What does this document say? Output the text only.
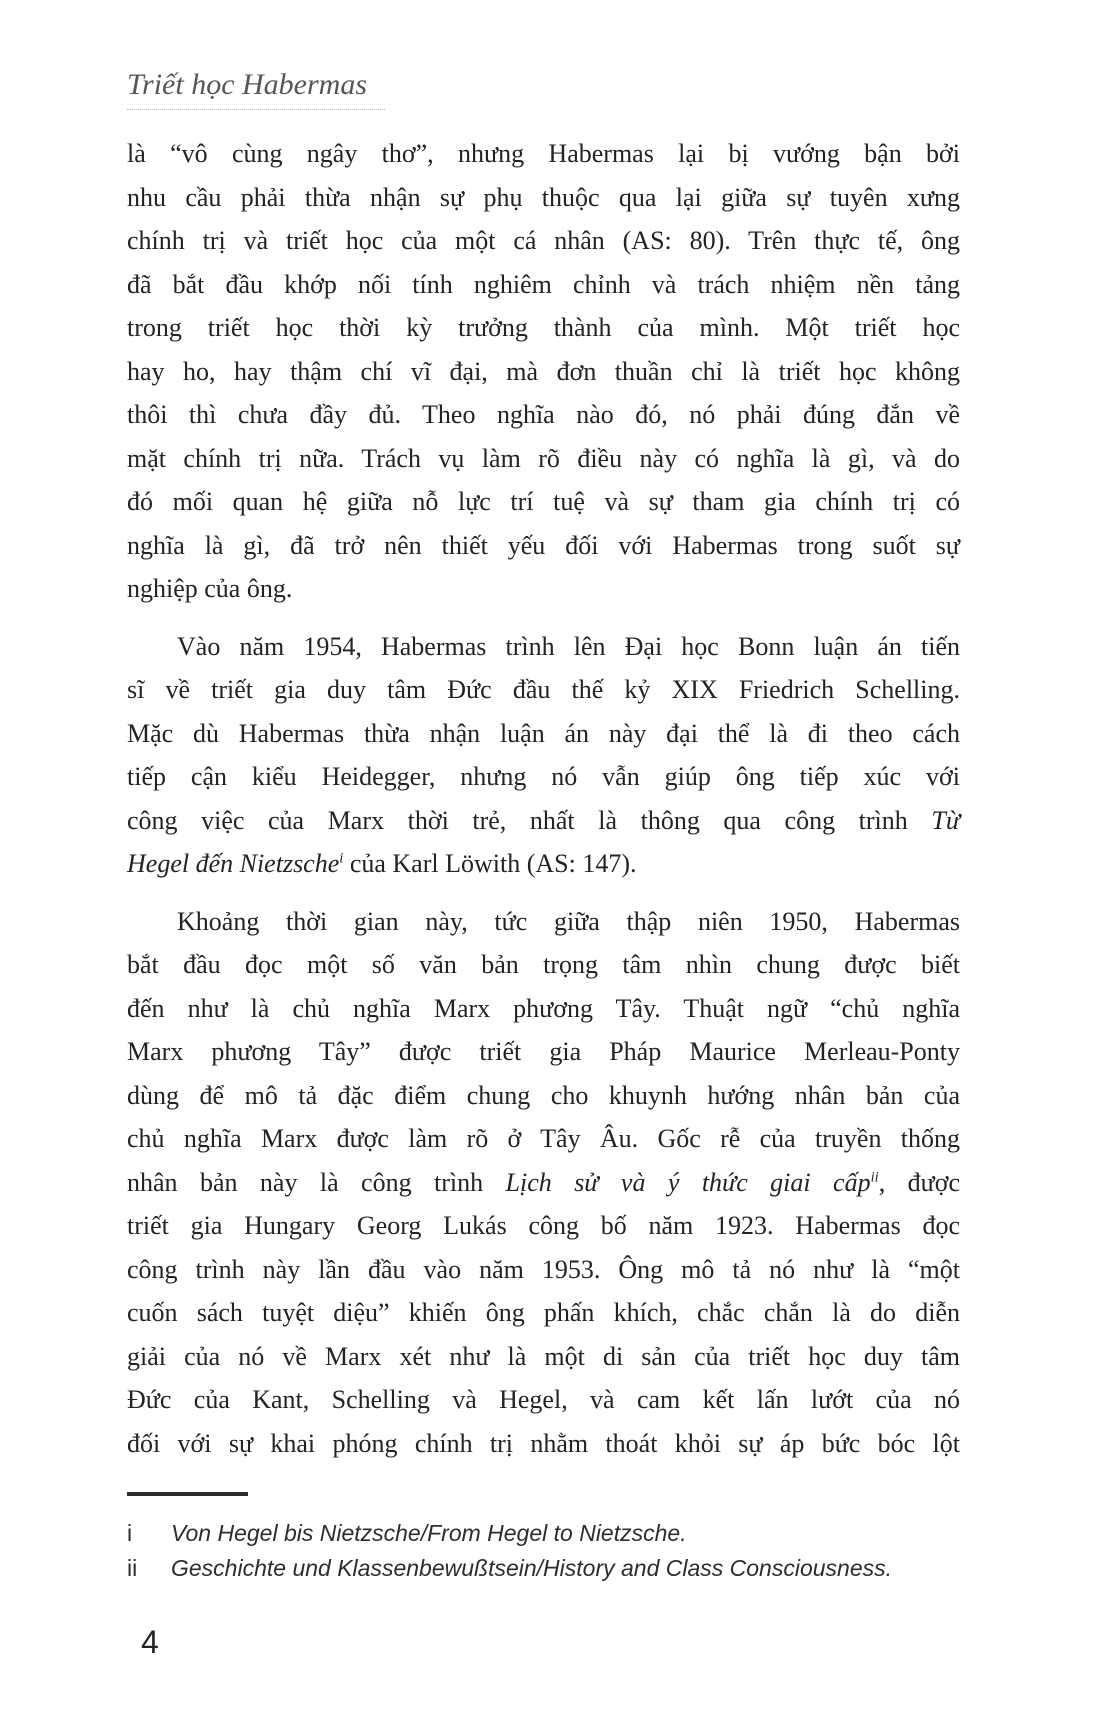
Triết học Habermas
là “vô cùng ngây thơ”, nhưng Habermas lại bị vướng bận bởi
nhu cầu phải thừa nhận sự phụ thuộc qua lại giữa sự tuyên xưng
chính trị và triết học của một cá nhân (AS: 80). Trên thực tế, ông
đã bắt đầu khớp nối tính nghiêm chỉnh và trách nhiệm nền tảng
trong triết học thời kỳ trưởng thành của mình. Một triết học
hay ho, hay thậm chí vĩ đại, mà đơn thuần chỉ là triết học không
thôi thì chưa đầy đủ. Theo nghĩa nào đó, nó phải đúng đắn về
mặt chính trị nữa. Trách vụ làm rõ điều này có nghĩa là gì, và do
đó mối quan hệ giữa nỗ lực trí tuệ và sự tham gia chính trị có
nghĩa là gì, đã trở nên thiết yếu đối với Habermas trong suốt sự
nghiệp của ông.
Vào năm 1954, Habermas trình lên Đại học Bonn luận án tiến
sĩ về triết gia duy tâm Đức đầu thế kỷ XIX Friedrich Schelling.
Mặc dù Habermas thừa nhận luận án này đại thể là đi theo cách
tiếp cận kiểu Heidegger, nhưng nó vẫn giúp ông tiếp xúc với
công việc của Marx thời trẻ, nhất là thông qua công trình Từ
Hegel đến Nietzsche$^i$ của Karl Löwith (AS: 147).
Khoảng thời gian này, tức giữa thập niên 1950, Habermas
bắt đầu đọc một số văn bản trọng tâm nhìn chung được biết
đến như là chủ nghĩa Marx phương Tây. Thuật ngữ “chủ nghĩa
Marx phương Tây” được triết gia Pháp Maurice Merleau-Ponty
dùng để mô tả đặc điểm chung cho khuynh hướng nhân bản của
chủ nghĩa Marx được làm rõ ở Tây Âu. Gốc rễ của truyền thống
nhân bản này là công trình Lịch sử và ý thức giai cấp$^{ii}$, được
triết gia Hungary Georg Lukás công bố năm 1923. Habermas đọc
công trình này lần đầu vào năm 1953. Ông mô tả nó như là “một
cuốn sách tuyệt diệu” khiến ông phấn khích, chắc chắn là do diễn
giải của nó về Marx xét như là một di sản của triết học duy tâm
Đức của Kant, Schelling và Hegel, và cam kết lấn lướt của nó
đối với sự khai phóng chính trị nhằm thoát khỏi sự áp bức bóc lột
i	Von Hegel bis Nietzsche/From Hegel to Nietzsche.
ii	Geschichte und Klassenbewußtsein/History and Class Consciousness.
4
